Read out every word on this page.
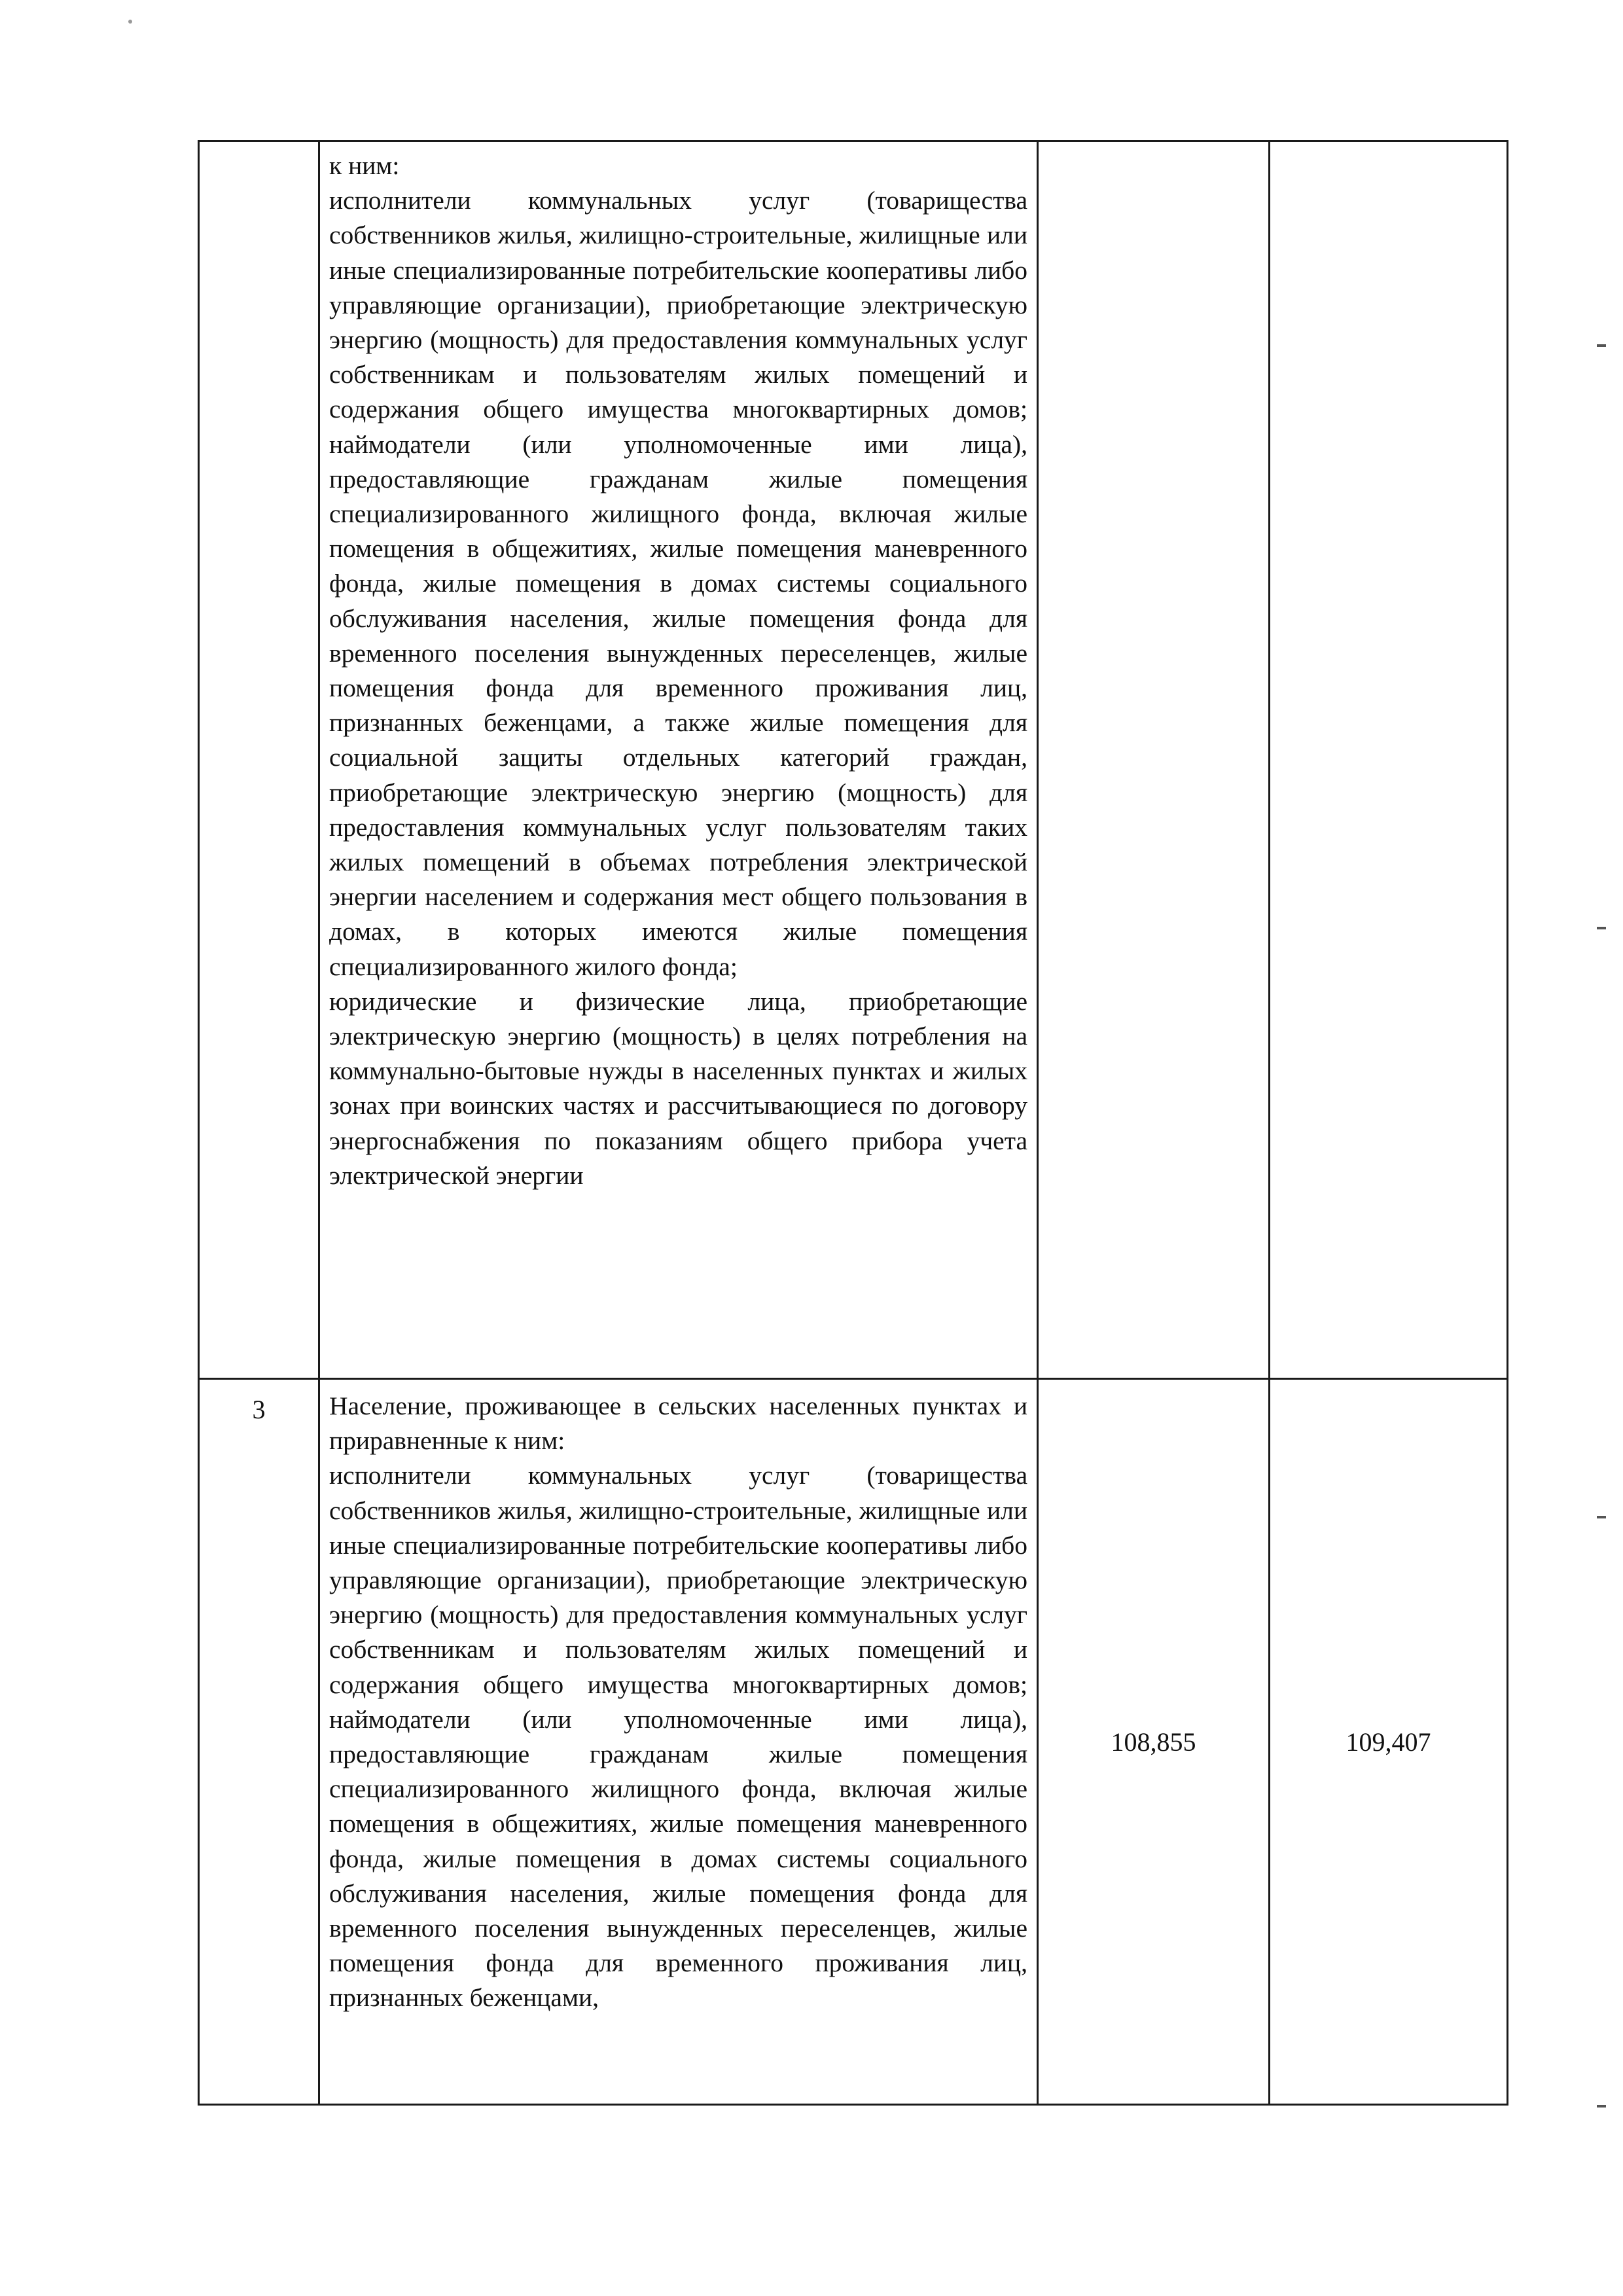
	к ним:

исполнители коммунальных услуг (товарищества собственников жилья, жилищно-строительные, жилищные или иные специализированные потребительские кооперативы либо управляющие организации), приобретающие электрическую энергию (мощность) для предоставления коммунальных услуг собственникам и пользователям жилых помещений и содержания общего имущества многоквартирных домов; наймодатели (или уполномоченные ими лица), предоставляющие гражданам жилые помещения специализированного жилищного фонда, включая жилые помещения в общежитиях, жилые помещения маневренного фонда, жилые помещения в домах системы социального обслуживания населения, жилые помещения фонда для временного поселения вынужденных переселенцев, жилые помещения фонда для временного проживания лиц, признанных беженцами, а также жилые помещения для социальной защиты отдельных категорий граждан, приобретающие электрическую энергию (мощность) для предоставления коммунальных услуг пользователям таких жилых помещений в объемах потребления электрической энергии населением и содержания мест общего пользования в домах, в которых имеются жилые помещения специализированного жилого фонда;

юридические и физические лица, приобретающие электрическую энергию (мощность) в целях потребления на коммунально-бытовые нужды в населенных пунктах и жилых зонах при воинских частях и рассчитывающиеся по договору энергоснабжения по показаниям общего прибора учета электрической энергии		

3	Население, проживающее в сельских населенных пунктах и приравненные к ним:

исполнители коммунальных услуг (товарищества собственников жилья, жилищно-строительные, жилищные или иные специализированные потребительские кооперативы либо управляющие организации), приобретающие электрическую энергию (мощность) для предоставления коммунальных услуг собственникам и пользователям жилых помещений и содержания общего имущества многоквартирных домов; наймодатели (или уполномоченные ими лица), предоставляющие гражданам жилые помещения специализированного жилищного фонда, включая жилые помещения в общежитиях, жилые помещения маневренного фонда, жилые помещения в домах системы социального обслуживания населения, жилые помещения фонда для временного поселения вынужденных переселенцев, жилые помещения фонда для временного проживания лиц, признанных беженцами,	108,855	109,407
